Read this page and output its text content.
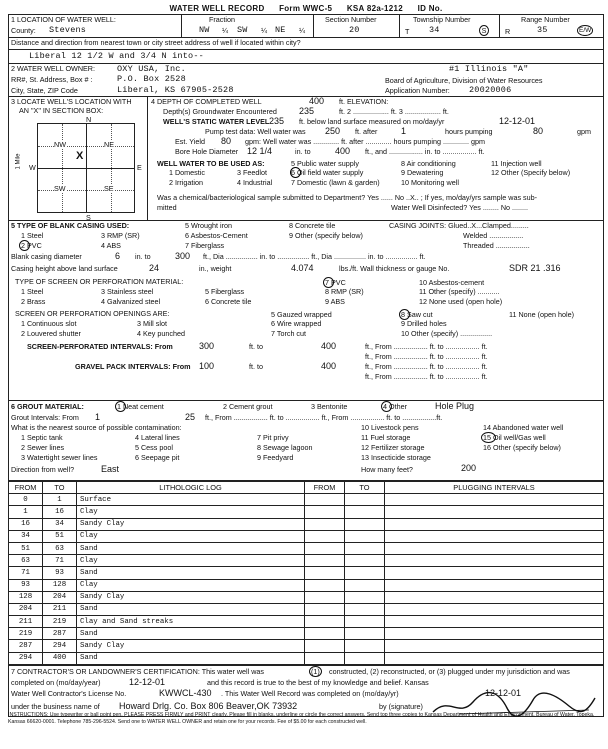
WATER WELL RECORD Form WWC-5 KSA 82a-1212 ID No.
1 LOCATION OF WATER WELL:
County: Stevens
Fraction
NW ¼ SW ¼ NE ¼
Section Number
20
Township Number
T 34	S
Range Number
R	35	E/W
Distance and direction from nearest town or city street address of well if located within city?
Liberal 12 1/2 W and 3/4 N into--
2 WATER WELL OWNER:	OXY USA, Inc.	#1 Illinois "A"
RR#, St. Address, Box # :	P.O. Box 2528	Board of Agriculture, Division of Water Resources
City, State, ZIP Code	Liberal, KS 67905-2528	Application Number: 20020006
3 LOCATE WELL'S LOCATION WITH
AN "X" IN SECTION BOX:
N
S
W	E
1 Mile
NW	NE
SW	SE
X
4 DEPTH OF COMPLETED WELL	400 ft. ELEVATION:
Depth(s) Groundwater Encountered 235	ft. 2 .................. ft. 3 .................. ft.
WELL'S STATIC WATER LEVEL 235 ft. below land surface measured on mo/day/yr	12-12-01
Pump test data: Well water was 250 ft. after	1	hours pumping	80	gpm
Est. Yield 80 gpm: Well water was ............. ft. after ............. hours pumping ............. gpm
Bore Hole Diameter 12 1/4	in. to	400 ft., and ................. in. to ................. ft.
WELL WATER TO BE USED AS:
1 Domestic
2 Irrigation
3 Feedlot
4 Industrial
5 Public water supply
6 Oil field water supply
7 Domestic (lawn & garden)
8 Air conditioning
9 Dewatering
10 Monitoring well
11 Injection well
12 Other (Specify below)
Was a chemical/bacteriological sample submitted to Department? Yes ...... No ..X.. ; If yes, mo/day/yrs sample was sub-
mitted	Water Well Disinfected? Yes ........ No ........
5 TYPE OF BLANK CASING USED:
1 Steel
2 PVC
3 RMP (SR)
4 ABS
5 Wrought iron
6 Asbestos-Cement
7 Fiberglass
8 Concrete tile
9 Other (specify below)
CASING JOINTS: Glued..X...Clamped.........
Welded .................
Threaded .................
Blank casing diameter	6 in. to	300 ft., Dia ................ in. to ................ ft., Dia ................ in. to ................ ft.
Casing height above land surface	24	in., weight	4.074	lbs./ft. Wall thickness or gauge No.	SDR 21 .316
TYPE OF SCREEN OR PERFORATION MATERIAL:
1 Steel
2 Brass
3 Stainless steel
4 Galvanized steel
5 Fiberglass
6 Concrete tile
7 PVC
8 RMP (SR)
9 ABS
10 Asbestos-cement
11 Other (specify) ...........
12 None used (open hole)
SCREEN OR PERFORATION OPENINGS ARE:
1 Continuous slot
2 Louvered shutter
3 Mill slot
4 Key punched
5 Gauzed wrapped
6 Wire wrapped
7 Torch cut
8 Saw cut
9 Drilled holes
10 Other (specify) ................
11 None (open hole)
SCREEN-PERFORATED INTERVALS: From	300	ft. to	400	ft., From ................. ft. to ................. ft.
ft., From ................. ft. to ................. ft.
GRAVEL PACK INTERVALS: From 100	ft. to	400	ft., From ................. ft. to ................. ft.
ft., From ................. ft. to ................. ft.
6 GROUT MATERIAL:	1 Neat cement	2 Cement grout	3 Bentonite	4 Other	Hole Plug
Grout Intervals: From 1	25 ft., From ................. ft. to ................. ft., From ................. ft. to .................ft.
What is the nearest source of possible contamination:
1 Septic tank
2 Sewer lines
3 Watertight sewer lines
4 Lateral lines
5 Cess pool
6 Seepage pit
7 Pit privy
8 Sewage lagoon
9 Feedyard
10 Livestock pens
11 Fuel storage
12 Fertilizer storage
13 Insecticide storage
14 Abandoned water well
15 Oil well/Gas well
16 Other (specify below)
Direction from well?	East	How many feet?	200
FROM	TO	LITHOLOGIC LOG	FROM	TO	PLUGGING INTERVALS
0	1	Surface			
1	16	Clay			
16	34	Sandy Clay			
34	51	Clay			
51	63	Sand			
63	71	Clay			
71	93	Sand			
93	128	Clay			
128	204	Sandy Clay			
204	211	Sand			
211	219	Clay and Sand streaks			
219	287	Sand			
287	294	Sandy Clay			
294	400	Sand			
7 CONTRACTOR'S OR LANDOWNER'S CERTIFICATION: This water well was	(1) constructed, (2) reconstructed, or (3) plugged under my jurisdiction and was
completed on (mo/day/year)	12-12-01	and this record is true to the best of my knowledge and belief. Kansas
Water Well Contractor's License No.	KWWCL-430 . This Water Well Record was completed on (mo/day/yr)	12-12-01
under the business name of Howard Drlg. Co. Box 806 Beaver,OK 73932	by (signature)
INSTRUCTIONS: Use typewriter or ball point pen. PLEASE PRESS FIRMLY and PRINT clearly. Please fill in blanks, underline or circle the correct answers. Send top three copies to Kansas Department of Health and Environment, Bureau of Water, Topeka, Kansas 66620-0001. Telephone 785-296-5524. Send one to WATER WELL OWNER and retain one for your records. Fee of $5.00 for each constructed well.
